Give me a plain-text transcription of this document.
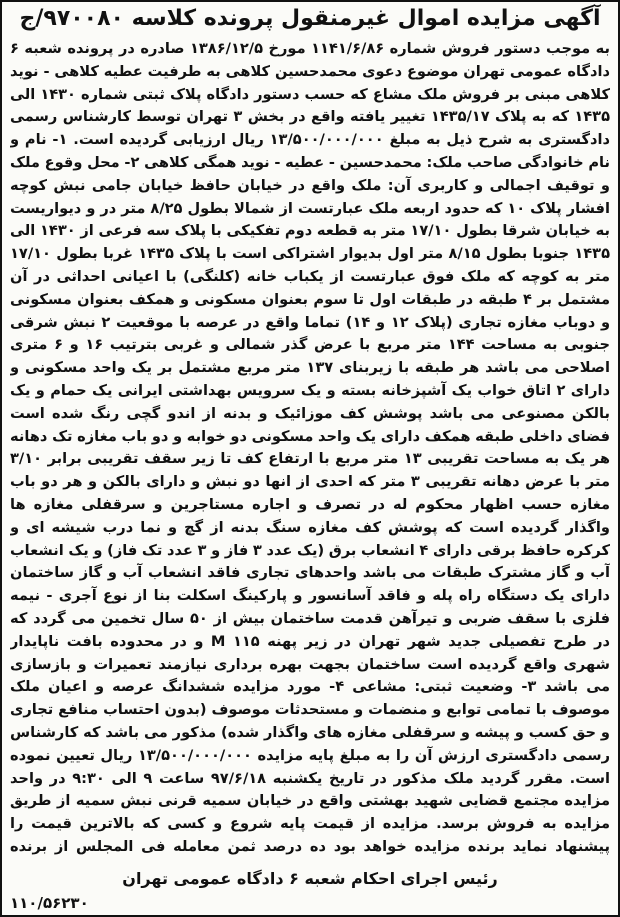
آگهی مزایده اموال غیرمنقول پرونده کلاسه ۹۷۰۰۸۰/ج
به موجب دستور فروش شماره ۱۱۴۱/۶/۸۶ مورخ ۱۳۸۶/۱۲/۵ صادره در پرونده شعبه ۶ دادگاه عمومی تهران موضوع دعوی محمدحسین کلاهی به طرفیت عطیه کلاهی - نوید کلاهی مبنی بر فروش ملک مشاع که حسب دستور دادگاه پلاک ثبتی شماره ۱۴۳۰ الی ۱۴۳۵ که به پلاک ۱۴۳۵/۱۷ تغییر یافته واقع در بخش ۳ تهران توسط کارشناس رسمی دادگستری به شرح ذیل به مبلغ ۱۳/۵۰۰/۰۰۰/۰۰۰ ریال ارزیابی گردیده است. ۱- نام و نام خانوادگی صاحب ملک: محمدحسین - عطیه - نوید همگی کلاهی ۲- محل وقوع ملک و توقیف اجمالی و کاربری آن: ملک واقع در خیابان حافظ خیابان جامی نبش کوچه افشار پلاک ۱۰ که حدود اربعه ملک عبارتست از شمالا بطول ۸/۲۵ متر در و دیواریست به خیابان شرقا بطول ۱۷/۱۰ متر به قطعه دوم تفکیکی با پلاک سه فرعی از ۱۴۳۰ الی ۱۴۳۵ جنوبا بطول ۸/۱۵ متر اول بدیوار اشتراکی است با پلاک ۱۴۳۵ غربا بطول ۱۷/۱۰ متر به کوچه که ملک فوق عبارتست از یکباب خانه (کلنگی) با اعیانی احداثی در آن مشتمل بر ۴ طبقه در طبقات اول تا سوم بعنوان مسکونی و همکف بعنوان مسکونی و دوباب مغازه تجاری (پلاک ۱۲ و ۱۴) تماما واقع در عرصه با موقعیت ۲ نبش شرقی جنوبی به مساحت ۱۴۴ متر مربع با عرض گذر شمالی و غربی بترتیب ۱۶ و ۶ متری اصلاحی می باشد هر طبقه با زیربنای ۱۳۷ متر مربع مشتمل بر یک واحد مسکونی و دارای ۲ اتاق خواب یک آشپزخانه بسته و یک سرویس بهداشتی ایرانی یک حمام و یک بالکن مصنوعی می باشد پوشش کف موزائیک و بدنه از اندو گچی رنگ شده است فضای داخلی طبقه همکف دارای یک واحد مسکونی دو خوابه و دو باب مغازه تک دهانه هر یک به مساحت تقریبی ۱۳ متر مربع با ارتفاع کف تا زیر سقف تقریبی برابر ۳/۱۰ متر با عرض دهانه تقریبی ۳ متر که احدی از انها دو نبش و دارای بالکن و هر دو باب مغازه حسب اظهار محکوم له در تصرف و اجاره مستاجرین و سرقفلی مغازه ها واگذار گردیده است که پوشش کف مغازه سنگ بدنه از گچ و نما درب شیشه ای و کرکره حافظ برقی دارای ۴ انشعاب برق (یک عدد ۳ فاز و ۳ عدد تک فاز) و یک انشعاب آب و گاز مشترک طبقات می باشد واحدهای تجاری فاقد انشعاب آب و گاز ساختمان دارای یک دستگاه راه پله و فاقد آسانسور و پارکینگ اسکلت بنا از نوع آجری - نیمه فلزی با سقف ضربی و تیرآهن قدمت ساختمان بیش از ۵۰ سال تخمین می گردد که در طرح تفصیلی جدید شهر تهران در زیر پهنه M ۱۱۵ و در محدوده بافت ناپایدار شهری واقع گردیده است ساختمان بجهت بهره برداری نیازمند تعمیرات و بازسازی می باشد ۳- وضعیت ثبتی: مشاعی ۴- مورد مزایده ششدانگ عرصه و اعیان ملک موصوف با تمامی توابع و منضمات و مستحدثات موصوف (بدون احتساب منافع تجاری و حق کسب و پیشه و سرقفلی مغازه های واگذار شده) مذکور می باشد که کارشناس رسمی دادگستری ارزش آن را به مبلغ پایه مزایده ۱۳/۵۰۰/۰۰۰/۰۰۰ ریال تعیین نموده است. مقرر گردید ملک مذکور در تاریخ یکشنبه ۹۷/۶/۱۸ ساعت ۹ الی ۹:۳۰ در واحد مزایده مجتمع قضایی شهید بهشتی واقع در خیابان سمیه قرنی نبش سمیه از طریق مزایده به فروش برسد. مزایده از قیمت پایه شروع و کسی که بالاترین قیمت را پیشنهاد نماید برنده مزایده خواهد بود ده درصد ثمن معامله فی المجلس از برنده
رئیس اجرای احکام شعبه ۶ دادگاه عمومی تهران
۱۱۰/۵۶۲۳۰
